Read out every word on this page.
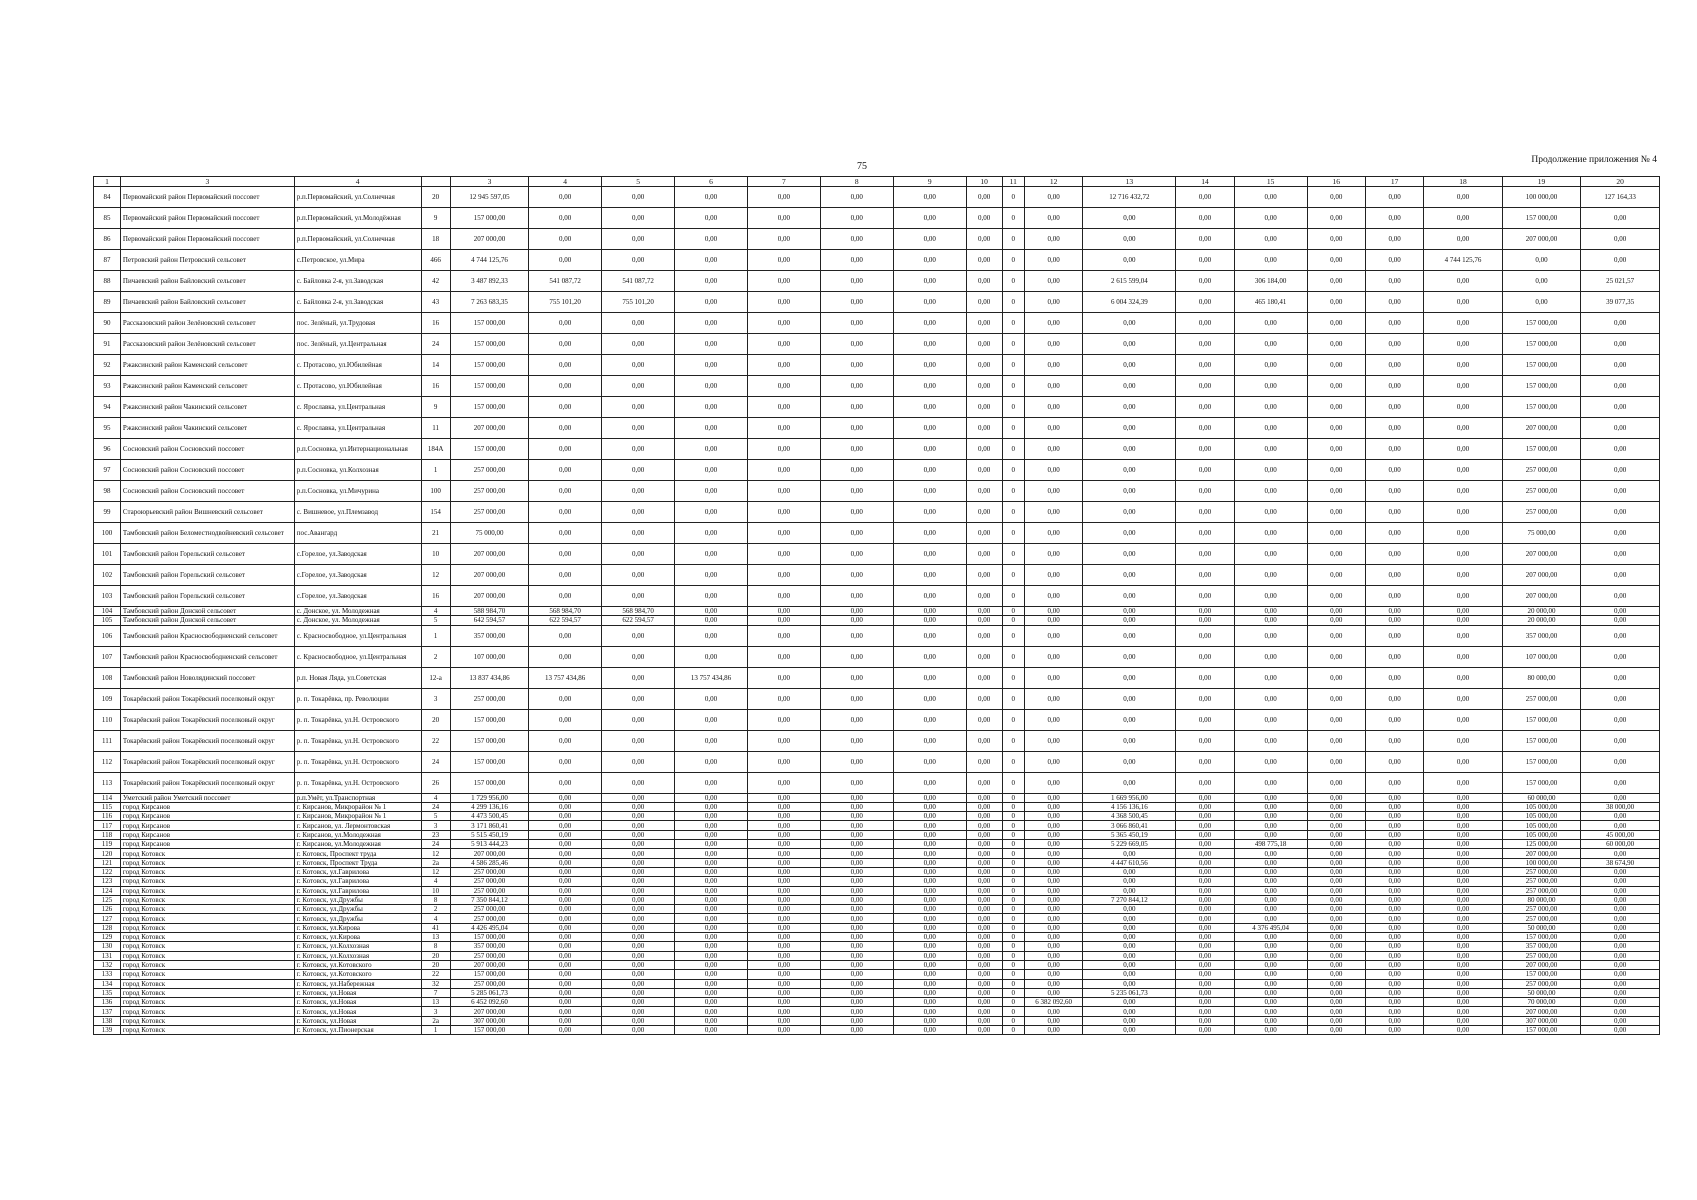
75
Продолжение приложения № 4
1	3	4		3	4	5	6	7	8	9	10	11	12	13	14	15	16	17	18	19	20
84	Первомайский район Первомайский поссовет	р.п.Первомайский, ул.Солнечная	20	12 945 597,05	0,00	0,00	0,00	0,00	0,00	0,00	0,00	0	0,00	12 716 432,72	0,00	0,00	0,00	0,00	0,00	100 000,00	127 164,33
85	Первомайский район Первомайский поссовет	р.п.Первомайский, ул.Молодёжная	9	157 000,00	0,00	0,00	0,00	0,00	0,00	0,00	0,00	0	0,00	0,00	0,00	0,00	0,00	0,00	0,00	157 000,00	0,00
86	Первомайский район Первомайский поссовет	р.п.Первомайский, ул.Солнечная	18	207 000,00	0,00	0,00	0,00	0,00	0,00	0,00	0,00	0	0,00	0,00	0,00	0,00	0,00	0,00	0,00	207 000,00	0,00
87	Петровский район Петровский сельсовет	с.Петровское, ул.Мира	466	4 744 125,76	0,00	0,00	0,00	0,00	0,00	0,00	0,00	0	0,00	0,00	0,00	0,00	0,00	0,00	4 744 125,76	0,00	0,00
88	Пичаевский район Байловский сельсовет	с. Байловка 2-я, ул.Заводская	42	3 487 892,33	541 087,72	541 087,72	0,00	0,00	0,00	0,00	0,00	0	0,00	2 615 599,04	0,00	306 184,00	0,00	0,00	0,00	0,00	25 021,57
89	Пичаевский район Байловский сельсовет	с. Байловка 2-я, ул.Заводская	43	7 263 683,35	755 101,20	755 101,20	0,00	0,00	0,00	0,00	0,00	0	0,00	6 004 324,39	0,00	465 180,41	0,00	0,00	0,00	0,00	39 077,35
90	Рассказовский район Зелёновский сельсовет	пос. Зелёный, ул.Трудовая	16	157 000,00	0,00	0,00	0,00	0,00	0,00	0,00	0,00	0	0,00	0,00	0,00	0,00	0,00	0,00	0,00	157 000,00	0,00
91	Рассказовский район Зелёновский сельсовет	пос. Зелёный, ул.Центральная	24	157 000,00	0,00	0,00	0,00	0,00	0,00	0,00	0,00	0	0,00	0,00	0,00	0,00	0,00	0,00	0,00	157 000,00	0,00
92	Ржаксинский район Каменский сельсовет	с. Протасово, ул.Юбилейная	14	157 000,00	0,00	0,00	0,00	0,00	0,00	0,00	0,00	0	0,00	0,00	0,00	0,00	0,00	0,00	0,00	157 000,00	0,00
93	Ржаксинский район Каменский сельсовет	с. Протасово, ул.Юбилейная	16	157 000,00	0,00	0,00	0,00	0,00	0,00	0,00	0,00	0	0,00	0,00	0,00	0,00	0,00	0,00	0,00	157 000,00	0,00
94	Ржаксинский район Чакинский сельсовет	с. Ярославка, ул.Центральная	9	157 000,00	0,00	0,00	0,00	0,00	0,00	0,00	0,00	0	0,00	0,00	0,00	0,00	0,00	0,00	0,00	157 000,00	0,00
95	Ржаксинский район Чакинский сельсовет	с. Ярославка, ул.Центральная	11	207 000,00	0,00	0,00	0,00	0,00	0,00	0,00	0,00	0	0,00	0,00	0,00	0,00	0,00	0,00	0,00	207 000,00	0,00
96	Сосновский район Сосновский поссовет	р.п.Сосновка, ул.Интернациональная	184А	157 000,00	0,00	0,00	0,00	0,00	0,00	0,00	0,00	0	0,00	0,00	0,00	0,00	0,00	0,00	0,00	157 000,00	0,00
97	Сосновский район Сосновский поссовет	р.п.Сосновка, ул.Колхозная	1	257 000,00	0,00	0,00	0,00	0,00	0,00	0,00	0,00	0	0,00	0,00	0,00	0,00	0,00	0,00	0,00	257 000,00	0,00
98	Сосновский район Сосновский поссовет	р.п.Сосновка, ул.Мичурина	100	257 000,00	0,00	0,00	0,00	0,00	0,00	0,00	0,00	0	0,00	0,00	0,00	0,00	0,00	0,00	0,00	257 000,00	0,00
99	Староюрьевский район Вишневский сельсовет	с. Вишневое, ул.Племзавод	154	257 000,00	0,00	0,00	0,00	0,00	0,00	0,00	0,00	0	0,00	0,00	0,00	0,00	0,00	0,00	0,00	257 000,00	0,00
100	Тамбовский район Беломестнодвойневский сельсовет	пос.Авангард	21	75 000,00	0,00	0,00	0,00	0,00	0,00	0,00	0,00	0	0,00	0,00	0,00	0,00	0,00	0,00	0,00	75 000,00	0,00
101	Тамбовский район Горельский сельсовет	с.Горелое, ул.Заводская	10	207 000,00	0,00	0,00	0,00	0,00	0,00	0,00	0,00	0	0,00	0,00	0,00	0,00	0,00	0,00	0,00	207 000,00	0,00
102	Тамбовский район Горельский сельсовет	с.Горелое, ул.Заводская	12	207 000,00	0,00	0,00	0,00	0,00	0,00	0,00	0,00	0	0,00	0,00	0,00	0,00	0,00	0,00	0,00	207 000,00	0,00
103	Тамбовский район Горельский сельсовет	с.Горелое, ул.Заводская	16	207 000,00	0,00	0,00	0,00	0,00	0,00	0,00	0,00	0	0,00	0,00	0,00	0,00	0,00	0,00	0,00	207 000,00	0,00
104	Тамбовский район Донской сельсовет	с. Донское, ул. Молодежная	4	588 984,70	568 984,70	568 984,70	0,00	0,00	0,00	0,00	0,00	0	0,00	0,00	0,00	0,00	0,00	0,00	0,00	20 000,00	0,00
105	Тамбовский район Донской сельсовет	с. Донское, ул. Молодежная	5	642 594,57	622 594,57	622 594,57	0,00	0,00	0,00	0,00	0,00	0	0,00	0,00	0,00	0,00	0,00	0,00	0,00	20 000,00	0,00
106	Тамбовский район Красносвободненский сельсовет	с. Красносвободное, ул.Центральная	1	357 000,00	0,00	0,00	0,00	0,00	0,00	0,00	0,00	0	0,00	0,00	0,00	0,00	0,00	0,00	0,00	357 000,00	0,00
107	Тамбовский район Красносвободненский сельсовет	с. Красносвободное, ул.Центральная	2	107 000,00	0,00	0,00	0,00	0,00	0,00	0,00	0,00	0	0,00	0,00	0,00	0,00	0,00	0,00	0,00	107 000,00	0,00
108	Тамбовский район Новолядинский поссовет	р.п. Новая Ляда, ул.Советская	12-а	13 837 434,86	13 757 434,86	0,00	13 757 434,86	0,00	0,00	0,00	0,00	0	0,00	0,00	0,00	0,00	0,00	0,00	0,00	80 000,00	0,00
109	Токарёвский район Токарёвский поселковый округ	р. п. Токарёвка, пр. Революции	3	257 000,00	0,00	0,00	0,00	0,00	0,00	0,00	0,00	0	0,00	0,00	0,00	0,00	0,00	0,00	0,00	257 000,00	0,00
110	Токарёвский район Токарёвский поселковый округ	р. п. Токарёвка, ул.Н. Островского	20	157 000,00	0,00	0,00	0,00	0,00	0,00	0,00	0,00	0	0,00	0,00	0,00	0,00	0,00	0,00	0,00	157 000,00	0,00
111	Токарёвский район Токарёвский поселковый округ	р. п. Токарёвка, ул.Н. Островского	22	157 000,00	0,00	0,00	0,00	0,00	0,00	0,00	0,00	0	0,00	0,00	0,00	0,00	0,00	0,00	0,00	157 000,00	0,00
112	Токарёвский район Токарёвский поселковый округ	р. п. Токарёвка, ул.Н. Островского	24	157 000,00	0,00	0,00	0,00	0,00	0,00	0,00	0,00	0	0,00	0,00	0,00	0,00	0,00	0,00	0,00	157 000,00	0,00
113	Токарёвский район Токарёвский поселковый округ	р. п. Токарёвка, ул.Н. Островского	26	157 000,00	0,00	0,00	0,00	0,00	0,00	0,00	0,00	0	0,00	0,00	0,00	0,00	0,00	0,00	0,00	157 000,00	0,00
114	Уметский район Уметский поссовет	р.п.Умёт, ул.Транспортная	4	1 729 956,00	0,00	0,00	0,00	0,00	0,00	0,00	0,00	0	0,00	1 669 956,00	0,00	0,00	0,00	0,00	0,00	60 000,00	0,00
115	город Кирсанов	г. Кирсанов, Микрорайон № 1	24	4 299 136,16	0,00	0,00	0,00	0,00	0,00	0,00	0,00	0	0,00	4 156 136,16	0,00	0,00	0,00	0,00	0,00	105 000,00	38 000,00
116	город Кирсанов	г. Кирсанов, Микрорайон № 1	5	4 473 500,45	0,00	0,00	0,00	0,00	0,00	0,00	0,00	0	0,00	4 368 500,45	0,00	0,00	0,00	0,00	0,00	105 000,00	0,00
117	город Кирсанов	г. Кирсанов, ул. Лермонтовская	3	3 171 860,41	0,00	0,00	0,00	0,00	0,00	0,00	0,00	0	0,00	3 066 860,41	0,00	0,00	0,00	0,00	0,00	105 000,00	0,00
118	город Кирсанов	г. Кирсанов, ул.Молодежная	23	5 515 450,19	0,00	0,00	0,00	0,00	0,00	0,00	0,00	0	0,00	5 365 450,19	0,00	0,00	0,00	0,00	0,00	105 000,00	45 000,00
119	город Кирсанов	г. Кирсанов, ул.Молодежная	24	5 913 444,23	0,00	0,00	0,00	0,00	0,00	0,00	0,00	0	0,00	5 229 669,05	0,00	498 775,18	0,00	0,00	0,00	125 000,00	60 000,00
120	город Котовск	г. Котовск, Проспект труда	12	207 000,00	0,00	0,00	0,00	0,00	0,00	0,00	0,00	0	0,00	0,00	0,00	0,00	0,00	0,00	0,00	207 000,00	0,00
121	город Котовск	г. Котовск, Проспект Труда	2а	4 586 285,46	0,00	0,00	0,00	0,00	0,00	0,00	0,00	0	0,00	4 447 610,56	0,00	0,00	0,00	0,00	0,00	100 000,00	38 674,90
122	город Котовск	г. Котовск, ул.Гаврилова	12	257 000,00	0,00	0,00	0,00	0,00	0,00	0,00	0,00	0	0,00	0,00	0,00	0,00	0,00	0,00	0,00	257 000,00	0,00
123	город Котовск	г. Котовск, ул.Гаврилова	4	257 000,00	0,00	0,00	0,00	0,00	0,00	0,00	0,00	0	0,00	0,00	0,00	0,00	0,00	0,00	0,00	257 000,00	0,00
124	город Котовск	г. Котовск, ул.Гаврилова	10	257 000,00	0,00	0,00	0,00	0,00	0,00	0,00	0,00	0	0,00	0,00	0,00	0,00	0,00	0,00	0,00	257 000,00	0,00
125	город Котовск	г. Котовск, ул.Дружбы	8	7 350 844,12	0,00	0,00	0,00	0,00	0,00	0,00	0,00	0	0,00	7 270 844,12	0,00	0,00	0,00	0,00	0,00	80 000,00	0,00
126	город Котовск	г. Котовск, ул.Дружбы	2	257 000,00	0,00	0,00	0,00	0,00	0,00	0,00	0,00	0	0,00	0,00	0,00	0,00	0,00	0,00	0,00	257 000,00	0,00
127	город Котовск	г. Котовск, ул.Дружбы	4	257 000,00	0,00	0,00	0,00	0,00	0,00	0,00	0,00	0	0,00	0,00	0,00	0,00	0,00	0,00	0,00	257 000,00	0,00
128	город Котовск	г. Котовск, ул.Кирова	41	4 426 495,04	0,00	0,00	0,00	0,00	0,00	0,00	0,00	0	0,00	0,00	0,00	4 376 495,04	0,00	0,00	0,00	50 000,00	0,00
129	город Котовск	г. Котовск, ул.Кирова	13	157 000,00	0,00	0,00	0,00	0,00	0,00	0,00	0,00	0	0,00	0,00	0,00	0,00	0,00	0,00	0,00	157 000,00	0,00
130	город Котовск	г. Котовск, ул.Колхозная	8	357 000,00	0,00	0,00	0,00	0,00	0,00	0,00	0,00	0	0,00	0,00	0,00	0,00	0,00	0,00	0,00	357 000,00	0,00
131	город Котовск	г. Котовск, ул.Колхозная	20	257 000,00	0,00	0,00	0,00	0,00	0,00	0,00	0,00	0	0,00	0,00	0,00	0,00	0,00	0,00	0,00	257 000,00	0,00
132	город Котовск	г. Котовск, ул.Котовского	20	207 000,00	0,00	0,00	0,00	0,00	0,00	0,00	0,00	0	0,00	0,00	0,00	0,00	0,00	0,00	0,00	207 000,00	0,00
133	город Котовск	г. Котовск, ул.Котовского	22	157 000,00	0,00	0,00	0,00	0,00	0,00	0,00	0,00	0	0,00	0,00	0,00	0,00	0,00	0,00	0,00	157 000,00	0,00
134	город Котовск	г. Котовск, ул.Набережная	32	257 000,00	0,00	0,00	0,00	0,00	0,00	0,00	0,00	0	0,00	0,00	0,00	0,00	0,00	0,00	0,00	257 000,00	0,00
135	город Котовск	г. Котовск, ул.Новая	7	5 285 061,73	0,00	0,00	0,00	0,00	0,00	0,00	0,00	0	0,00	5 235 061,73	0,00	0,00	0,00	0,00	0,00	50 000,00	0,00
136	город Котовск	г. Котовск, ул.Новая	13	6 452 092,60	0,00	0,00	0,00	0,00	0,00	0,00	0,00	0	6 382 092,60	0,00	0,00	0,00	0,00	0,00	0,00	70 000,00	0,00
137	город Котовск	г. Котовск, ул.Новая	3	207 000,00	0,00	0,00	0,00	0,00	0,00	0,00	0,00	0	0,00	0,00	0,00	0,00	0,00	0,00	0,00	207 000,00	0,00
138	город Котовск	г. Котовск, ул.Новая	2а	307 000,00	0,00	0,00	0,00	0,00	0,00	0,00	0,00	0	0,00	0,00	0,00	0,00	0,00	0,00	0,00	307 000,00	0,00
139	город Котовск	г. Котовск, ул.Пионерская	1	157 000,00	0,00	0,00	0,00	0,00	0,00	0,00	0,00	0	0,00	0,00	0,00	0,00	0,00	0,00	0,00	157 000,00	0,00
